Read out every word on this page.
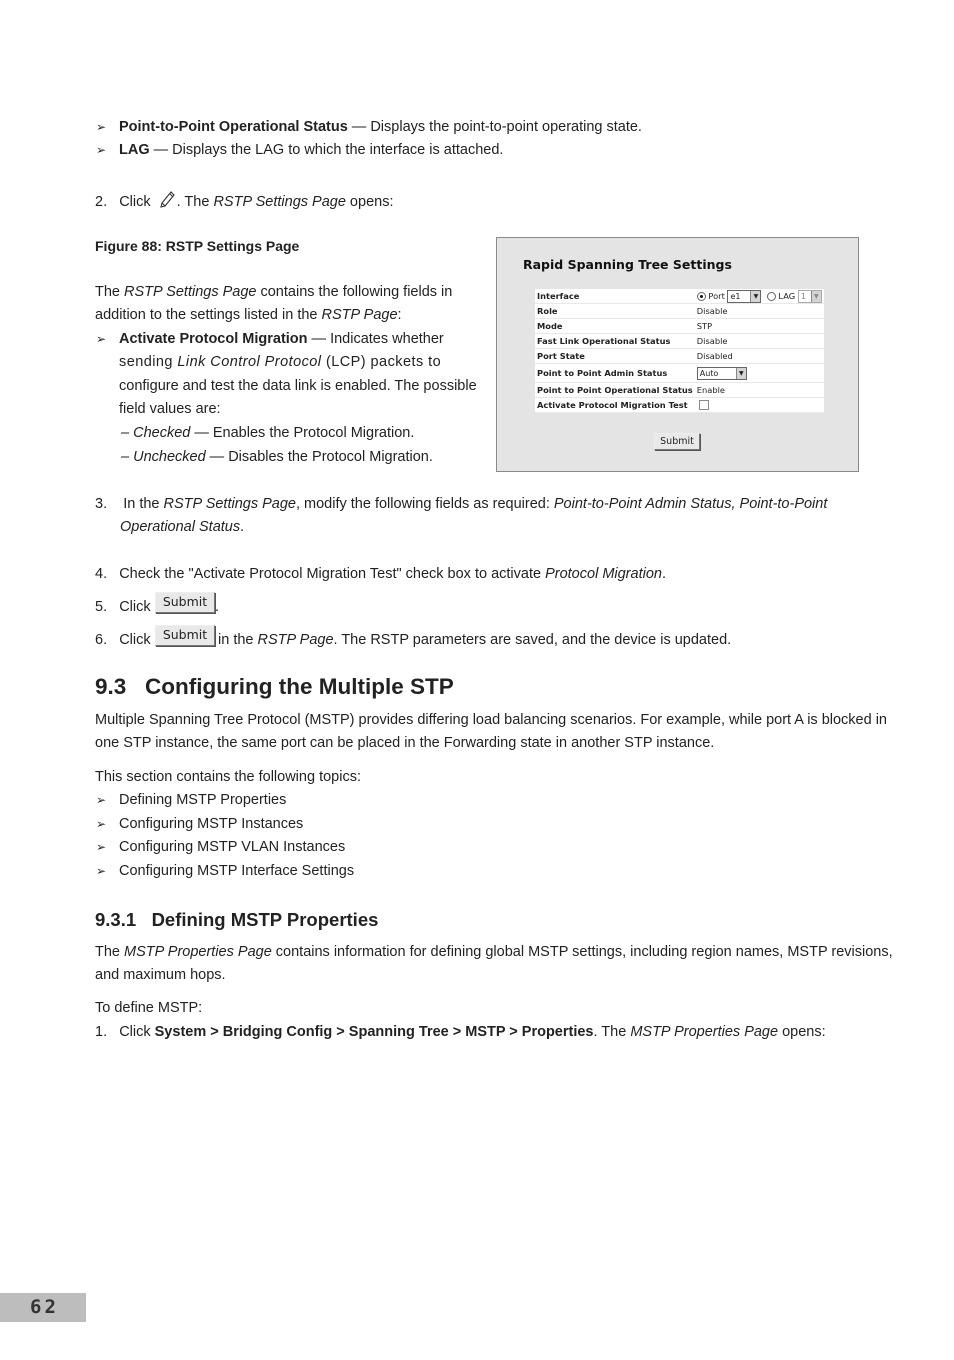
➢ Point-to-Point Operational Status — Displays the point-to-point operating state.
➢ LAG — Displays the LAG to which the interface is attached.
2. Click . The RSTP Settings Page opens:
Figure 88: RSTP Settings Page
The RSTP Settings Page contains the following fields in
addition to the settings listed in the RSTP Page:
➢ Activate Protocol Migration — Indicates whether
sending Link Control Protocol (LCP) packets to
configure and test the data link is enabled. The possible
field values are:
– Checked — Enables the Protocol Migration.
– Unchecked — Disables the Protocol Migration.
Rapid Spanning Tree Settings
Interface	Port e1 ▼ LAG 1 ▼

Role	Disable
Mode	STP
Fast Link Operational Status	Disable
Port State	Disabled
Point to Point Admin Status	Auto ▼

Point to Point Operational Status	Enable
Activate Protocol Migration Test	
Submit
3. In the RSTP Settings Page, modify the following fields as required: Point-to-Point Admin Status, Point-to-Point
Operational Status.
4. Check the "Activate Protocol Migration Test" check box to activate Protocol Migration.
5. Click Submit .
6. Click Submit in the RSTP Page. The RSTP parameters are saved, and the device is updated.
9.3   Configuring the Multiple STP
Multiple Spanning Tree Protocol (MSTP) provides differing load balancing scenarios. For example, while port A is blocked in
one STP instance, the same port can be placed in the Forwarding state in another STP instance.
This section contains the following topics:
➢ Defining MSTP Properties
➢ Configuring MSTP Instances
➢ Configuring MSTP VLAN Instances
➢ Configuring MSTP Interface Settings
9.3.1   Defining MSTP Properties
The MSTP Properties Page contains information for defining global MSTP settings, including region names, MSTP revisions,
and maximum hops.
To define MSTP:
1. Click System > Bridging Config > Spanning Tree > MSTP > Properties. The MSTP Properties Page opens:
62
